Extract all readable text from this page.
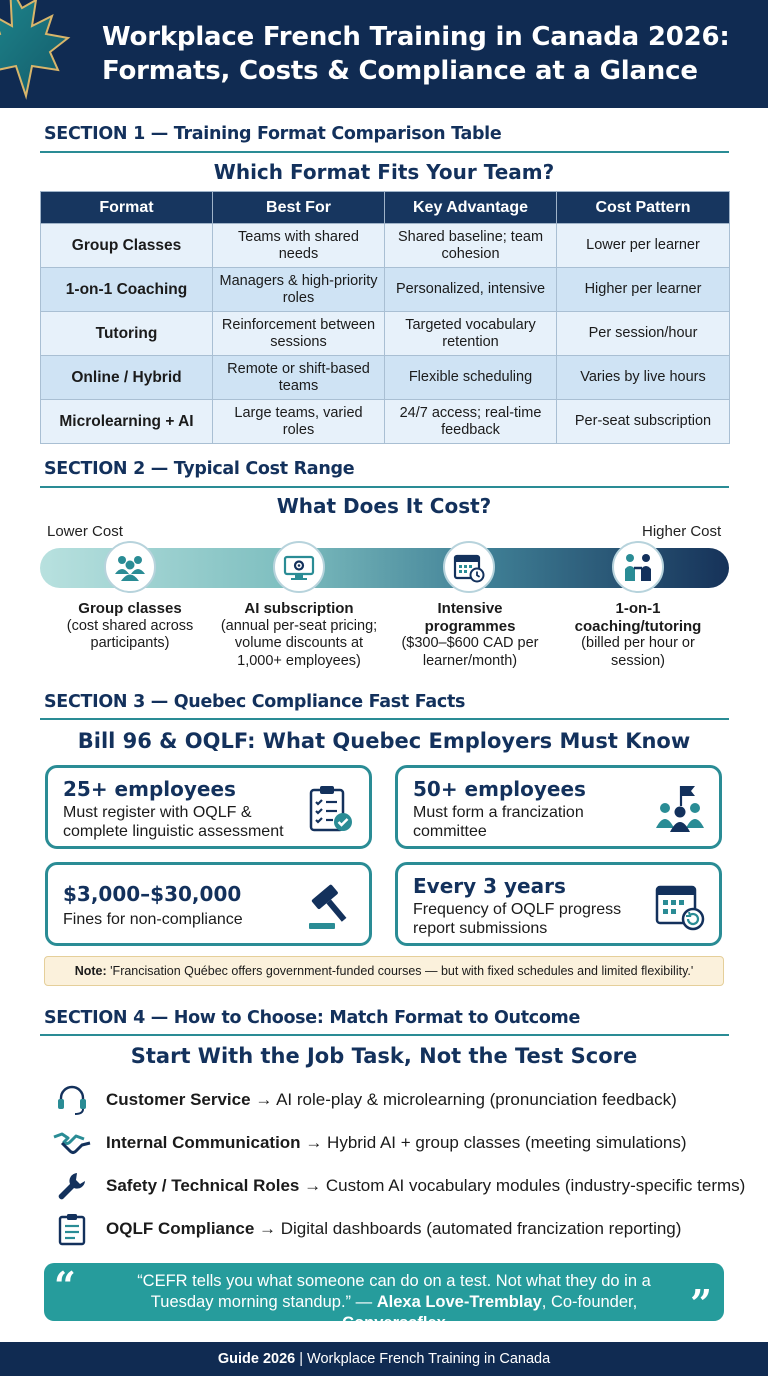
Workplace French Training in Canada 2026:
Formats, Costs & Compliance at a Glance
SECTION 1 — Training Format Comparison Table
Which Format Fits Your Team?
Format	Best For	Key Advantage	Cost Pattern
Group Classes	Teams with shared needs	Shared baseline; team cohesion	Lower per learner
1-on-1 Coaching	Managers & high-priority roles	Personalized, intensive	Higher per learner
Tutoring	Reinforcement between sessions	Targeted vocabulary retention	Per session/hour
Online / Hybrid	Remote or shift-based teams	Flexible scheduling	Varies by live hours
Microlearning + AI	Large teams, varied roles	24/7 access; real-time feedback	Per-seat subscription
SECTION 2 — Typical Cost Range
What Does It Cost?
Lower Cost	Higher Cost
Group classes
(cost shared across participants)
AI subscription
(annual per-seat pricing; volume discounts at 1,000+ employees)
Intensive programmes
($300–$600 CAD per learner/month)
1-on-1 coaching/tutoring
(billed per hour or session)
SECTION 3 — Quebec Compliance Fast Facts
Bill 96 & OQLF: What Quebec Employers Must Know
25+ employees
Must register with OQLF & complete linguistic assessment
50+ employees
Must form a francization committee
$3,000–$30,000
Fines for non-compliance
Every 3 years
Frequency of OQLF progress report submissions
Note: 'Francisation Québec offers government-funded courses — but with fixed schedules and limited flexibility.'
SECTION 4 — How to Choose: Match Format to Outcome
Start With the Job Task, Not the Test Score
Customer Service → AI role-play & microlearning (pronunciation feedback)
Internal Communication → Hybrid AI + group classes (meeting simulations)
Safety / Technical Roles → Custom AI vocabulary modules (industry-specific terms)
OQLF Compliance → Digital dashboards (automated francization reporting)
“	“CEFR tells you what someone can do on a test. Not what they do in a Tuesday morning standup.” — Alexa Love-Tremblay, Co-founder, Conversaflex	”
Guide 2026 | Workplace French Training in Canada
